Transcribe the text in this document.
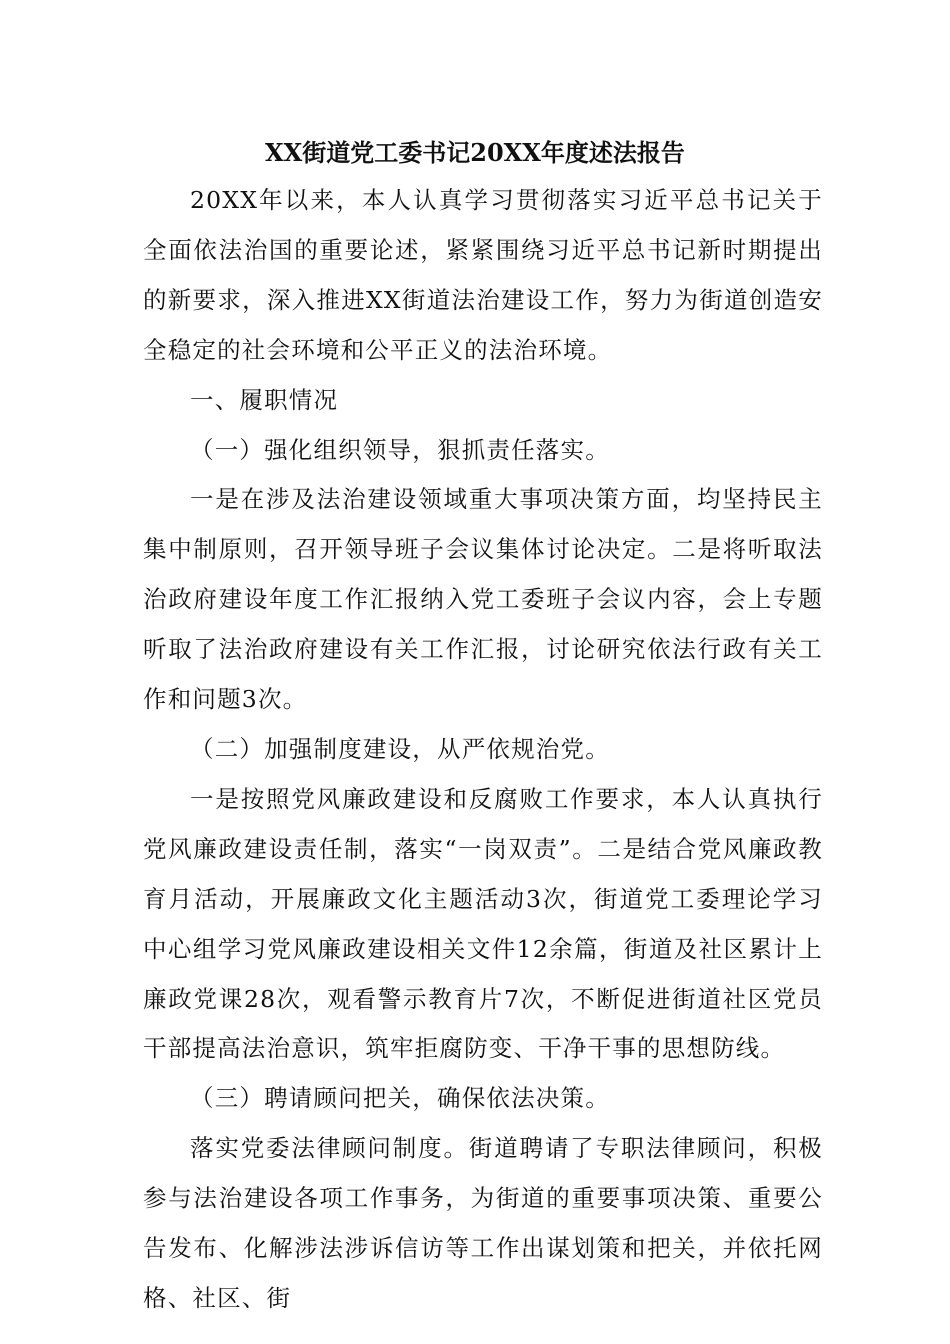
XX街道党工委书记20XX年度述法报告

20XX年以来，本人认真学习贯彻落实习近平总书记关于全面依法治国的重要论述，紧紧围绕习近平总书记新时期提出的新要求，深入推进XX街道法治建设工作，努力为街道创造安全稳定的社会环境和公平正义的法治环境。

一、履职情况

（一）强化组织领导，狠抓责任落实。

一是在涉及法治建设领域重大事项决策方面，均坚持民主集中制原则，召开领导班子会议集体讨论决定。二是将听取法治政府建设年度工作汇报纳入党工委班子会议内容，会上专题听取了法治政府建设有关工作汇报，讨论研究依法行政有关工作和问题3次。

（二）加强制度建设，从严依规治党。

一是按照党风廉政建设和反腐败工作要求，本人认真执行党风廉政建设责任制，落实“一岗双责”。二是结合党风廉政教育月活动，开展廉政文化主题活动3次，街道党工委理论学习中心组学习党风廉政建设相关文件12余篇，街道及社区累计上廉政党课28次，观看警示教育片7次，不断促进街道社区党员干部提高法治意识，筑牢拒腐防变、干净干事的思想防线。

（三）聘请顾问把关，确保依法决策。

落实党委法律顾问制度。街道聘请了专职法律顾问，积极参与法治建设各项工作事务，为街道的重要事项决策、重要公告发布、化解涉法涉诉信访等工作出谋划策和把关，并依托网格、社区、街
